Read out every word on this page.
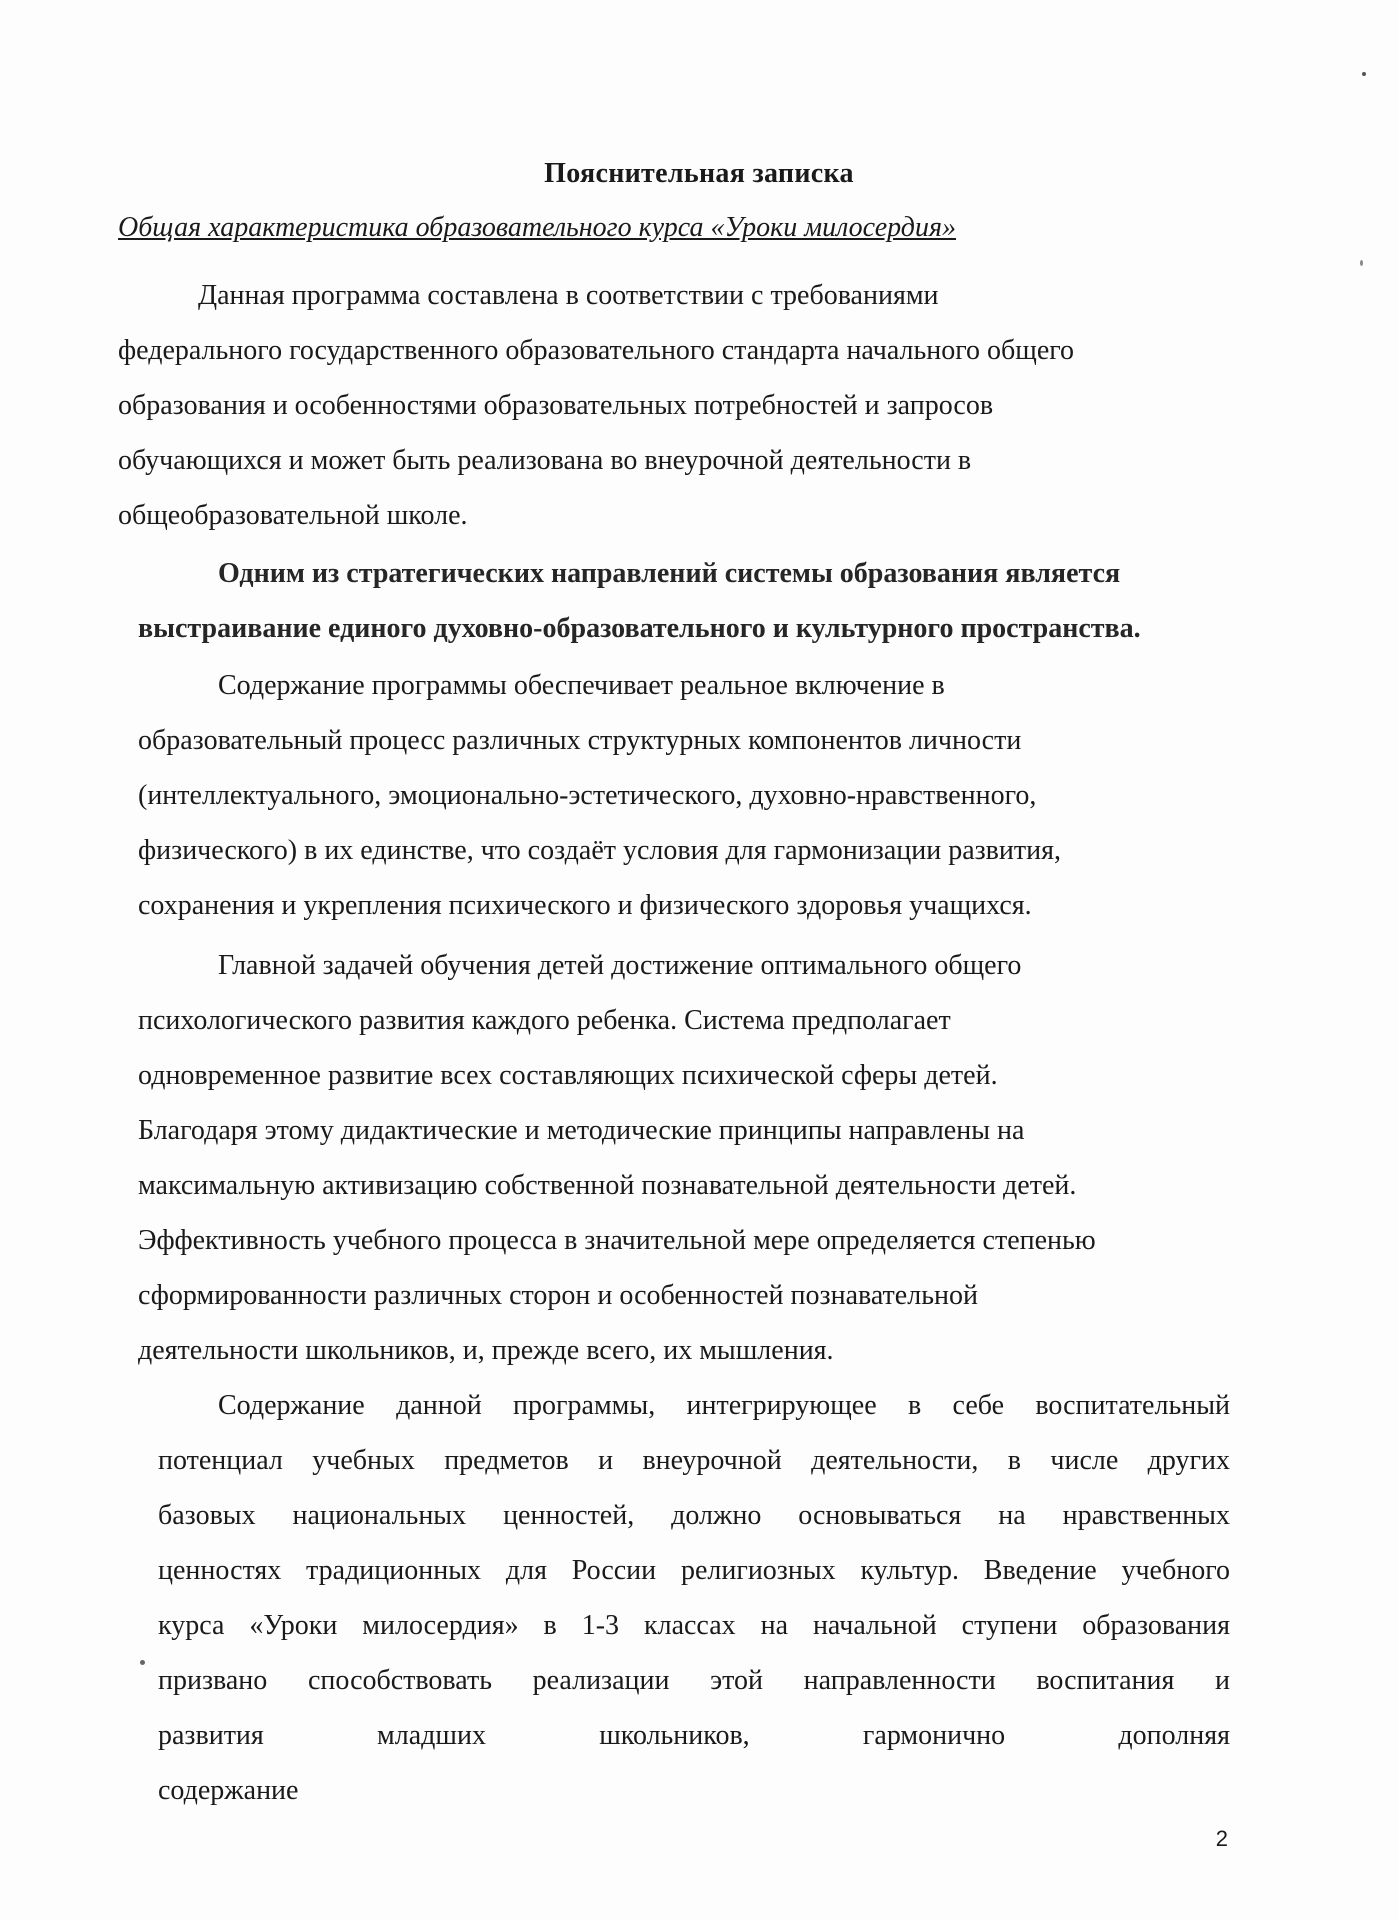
Пояснительная записка

Общая характеристика образовательного курса «Уроки милосердия»

Данная программа составлена в соответствии с требованиями
федерального государственного образовательного стандарта начального общего
образования и особенностями образовательных потребностей и запросов
обучающихся и может быть реализована во внеурочной деятельности в
общеобразовательной школе.
Одним из стратегических направлений системы образования является
выстраивание единого духовно-образовательного и культурного пространства.
Содержание программы обеспечивает реальное включение в
образовательный процесс различных структурных компонентов личности
(интеллектуального, эмоционально-эстетического, духовно-нравственного,
физического) в их единстве, что создаёт условия для гармонизации развития,
сохранения и укрепления психического и физического здоровья учащихся.
Главной задачей обучения детей достижение оптимального общего
психологического развития каждого ребенка. Система предполагает
одновременное развитие всех составляющих психической сферы детей.
Благодаря этому дидактические и методические принципы направлены на
максимальную активизацию собственной познавательной деятельности детей.
Эффективность учебного процесса в значительной мере определяется степенью
сформированности различных сторон и особенностей познавательной
деятельности школьников, и, прежде всего, их мышления.
Содержание данной программы, интегрирующее в себе воспитательный
потенциал учебных предметов и внеурочной деятельности, в числе других
базовых национальных ценностей, должно основываться на нравственных
ценностях традиционных для России религиозных культур. Введение учебного
курса «Уроки милосердия» в 1-3 классах на начальной ступени образования
призвано способствовать реализации этой направленности воспитания и
развития младших школьников, гармонично дополняя содержание

2
